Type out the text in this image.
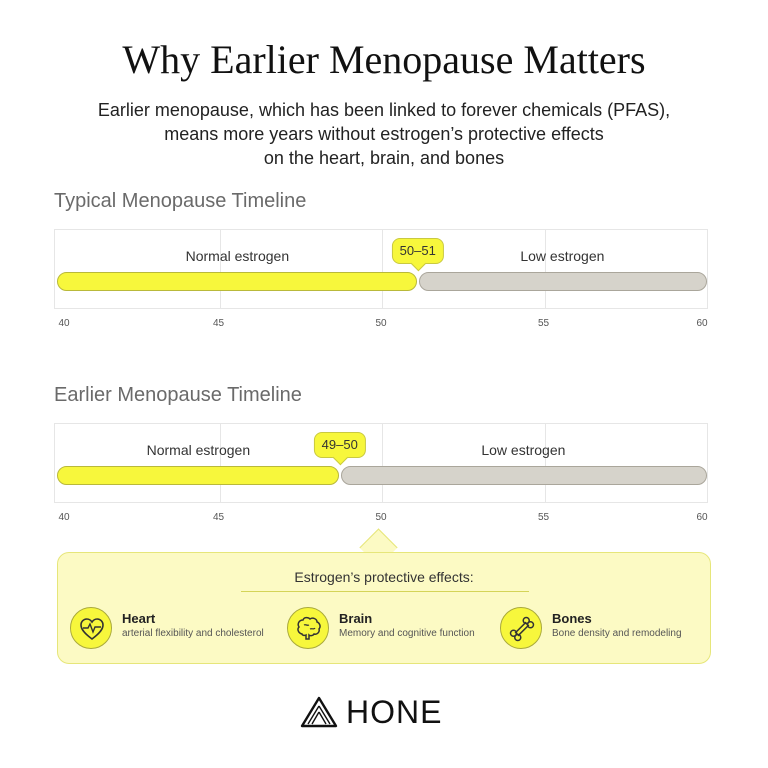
Why Earlier Menopause Matters
Earlier menopause, which has been linked to forever chemicals (PFAS),
means more years without estrogen’s protective effects
on the heart, brain, and bones
Typical Menopause Timeline
Normal estrogen	Low estrogen
50–51
40	45	50	55	60
Earlier Menopause Timeline
Normal estrogen	Low estrogen
49–50
40	45	50	55	60
Estrogen’s protective effects:
Heart
arterial flexibility and cholesterol
Brain
Memory and cognitive function
Bones
Bone density and remodeling
HONE
